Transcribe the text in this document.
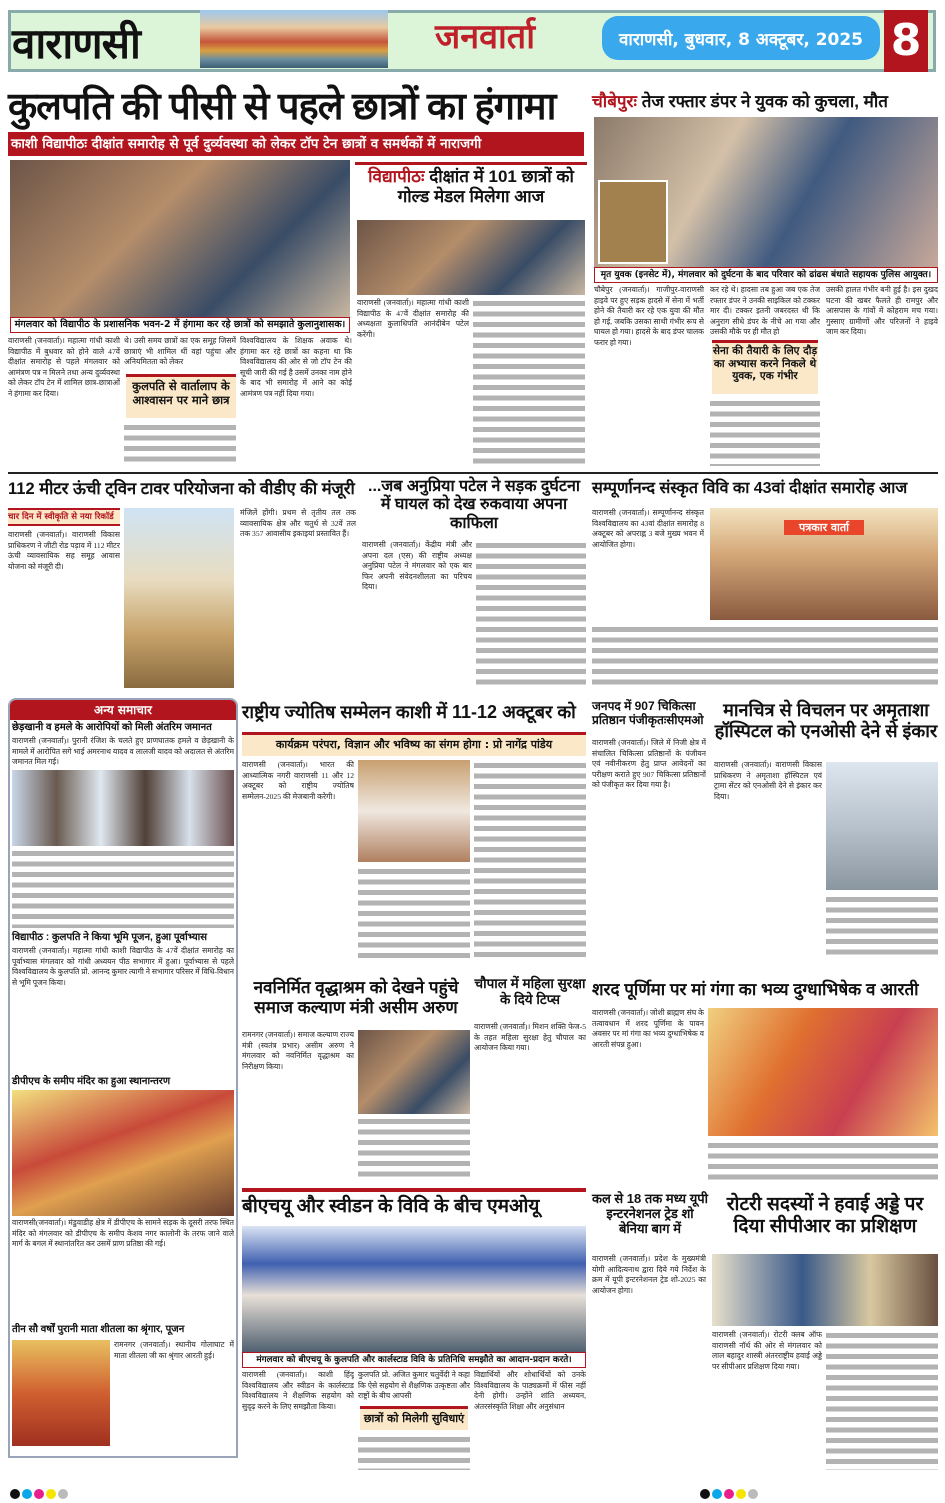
वाराणसी	जनवार्ता	वाराणसी, बुधवार, 8 अक्टूबर, 2025 8
कुलपति की पीसी से पहले छात्रों का हंगामा
काशी विद्यापीठः दीक्षांत समारोह से पूर्व दुर्व्यवस्था को लेकर टॉप टेन छात्रों व समर्थकों में नाराजगी
मंगलवार को विद्यापीठ के प्रशासनिक भवन-2 में हंगामा कर रहे छात्रों को समझाते कुलानुशासक।
वाराणसी (जनवार्ता)। महात्मा गांधी काशी विद्यापीठ में बुधवार को होने वाले 47वें दीक्षांत समारोह से पहले मंगलवार को आमंत्रण पत्र न मिलने तथा अन्य दुर्व्यवस्था को लेकर टॉप टेन में शामिल छात्र-छात्राओं ने हंगामा कर दिया।
थे। उसी समय छात्रों का एक समूह जिसमें छात्राएं भी शामिल थीं वहां पहुंचा और अनियमितता को लेकर
कुलपति से वार्तालाप के आश्वासन पर माने छात्र
विश्वविद्यालय के शिक्षक अवाक थे। हंगामा कर रहे छात्रों का कहना था कि विश्वविद्यालय की ओर से जो टॉप टेन की सूची जारी की गई है उसमें उनका नाम होने के बाद भी समारोह में आने का कोई आमंत्रण पत्र नहीं दिया गया।
विद्यापीठः दीक्षांत में 101 छात्रों को गोल्ड मेडल मिलेगा आज
वाराणसी (जनवार्ता)। महात्मा गांधी काशी विद्यापीठ के 47वें दीक्षांत समारोह की अध्यक्षता कुलाधिपति आनंदीबेन पटेल करेंगी।
चौबेपुरः तेज रफ्तार डंपर ने युवक को कुचला, मौत
मृत युवक (इनसेट में), मंगलवार को दुर्घटना के बाद परिवार को ढांढस बंधाते सहायक पुलिस आयुक्त।
चौबेपुर (जनवार्ता)। गाजीपुर-वाराणसी हाइवे पर हुए सड़क हादसे में सेना में भर्ती होने की तैयारी कर रहे एक युवा की मौत हो गई, जबकि उसका साथी गंभीर रूप से घायल हो गया। हादसे के बाद डंपर चालक फरार हो गया।
कर रहे थे। हादसा तब हुआ जब एक तेज रफ्तार डंपर ने उनकी साइकिल को टक्कर मार दी। टक्कर इतनी जबरदस्त थी कि अनुराग सीधे डंपर के नीचे आ गया और उसकी मौके पर ही मौत हो
सेना की तैयारी के लिए दौड़ का अभ्यास करने निकले थे युवक, एक गंभीर
उसकी हालत गंभीर बनी हुई है। इस दुखद घटना की खबर फैलते ही रामपुर और आसपास के गांवों में कोहराम मच गया। गुस्साए ग्रामीणों और परिजनों ने हाइवे जाम कर दिया।
112 मीटर ऊंची ट्विन टावर परियोजना को वीडीए की मंजूरी
चार दिन में स्वीकृति से नया रिकॉर्ड
वाराणसी (जनवार्ता)। वाराणसी विकास प्राधिकरण ने जीटी रोड पड़ाव में 112 मीटर ऊंची व्यावसायिक सह समूह आवास योजना को मंजूरी दी।
मंजिलें होंगी। प्रथम से तृतीय तल तक व्यावसायिक क्षेत्र और चतुर्थ से 32वें तल तक 357 आवासीय इकाइयां प्रस्तावित हैं।
...जब अनुप्रिया पटेल ने सड़क दुर्घटना में घायल को देख रुकवाया अपना काफिला
वाराणसी (जनवार्ता)। केंद्रीय मंत्री और अपना दल (एस) की राष्ट्रीय अध्यक्ष अनुप्रिया पटेल ने मंगलवार को एक बार फिर अपनी संवेदनशीलता का परिचय दिया।
सम्पूर्णानन्द संस्कृत विवि का 43वां दीक्षांत समारोह आज
वाराणसी (जनवार्ता)। सम्पूर्णानन्द संस्कृत विश्वविद्यालय का 43वां दीक्षांत समारोह 8 अक्टूबर को अपराह्न 3 बजे मुख्य भवन में आयोजित होगा।
पत्रकार वार्ता
अन्य समाचार
छेड़खानी व हमले के आरोपियों को मिली अंतरिम जमानत
वाराणसी (जनवार्ता)। पुरानी रंजिश के चलते हुए प्राणघातक हमले व छेड़खानी के मामले में आरोपित सगे भाई अमरनाथ यादव व लालजी यादव को अदालत से अंतरिम जमानत मिल गई।
विद्यापीठ : कुलपति ने किया भूमि पूजन, हुआ पूर्वाभ्यास
वाराणसी (जनवार्ता)। महात्मा गांधी काशी विद्यापीठ के 47वें दीक्षांत समारोह का पूर्वाभ्यास मंगलवार को गांधी अध्ययन पीठ सभागार में हुआ। पूर्वाभ्यास से पहले विश्वविद्यालय के कुलपति प्रो. आनन्द कुमार त्यागी ने सभागार परिसर में विधि-विधान से भूमि पूजन किया।
डीपीएच के समीप मंदिर का हुआ स्थानान्तरण
वाराणसी(जनवार्ता)। मंडुवाडीह क्षेत्र में डीपीएच के सामने सड़क के दूसरी तरफ स्थित मंदिर को मंगलवार को डीपीएच के समीप केशव नगर कालोनी के तरफ जाने वाले मार्ग के बगल में स्थानांतरित कर उसमें प्राण प्रतिष्ठा की गई।
तीन सौ वर्षों पुरानी माता शीतला का श्रृंगार, पूजन
रामनगर (जनवार्ता)। स्थानीय गोलाघाट में माता शीतला जी का श्रृंगार आरती हुई।
राष्ट्रीय ज्योतिष सम्मेलन काशी में 11-12 अक्टूबर को
कार्यक्रम परंपरा, विज्ञान और भविष्य का संगम होगा : प्रो नागेंद्र पांडेय
वाराणसी (जनवार्ता)। भारत की आध्यात्मिक नगरी वाराणसी 11 और 12 अक्टूबर को राष्ट्रीय ज्योतिष सम्मेलन-2025 की मेजबानी करेगी।
जनपद में 907 चिकित्सा प्रतिष्ठान पंजीकृतःसीएमओ
वाराणसी (जनवार्ता)। जिले में निजी क्षेत्र में संचालित चिकित्सा प्रतिष्ठानों के पंजीयन एवं नवीनीकरण हेतु प्राप्त आवेदनों का परीक्षण कराते हुए 907 चिकित्सा प्रतिष्ठानों को पंजीकृत कर दिया गया है।
मानचित्र से विचलन पर अमृताशा हॉस्पिटल को एनओसी देने से इंकार
वाराणसी (जनवार्ता)। वाराणसी विकास प्राधिकरण ने अमृताशा हॉस्पिटल एवं ट्रामा सेंटर को एनओसी देने से इंकार कर दिया।
नवनिर्मित वृद्धाश्रम को देखने पहुंचे समाज कल्याण मंत्री असीम अरुण
रामनगर (जनवार्ता)। समाज कल्याण राज्य मंत्री (स्वतंत्र प्रभार) असीम अरुण ने मंगलवार को नवनिर्मित वृद्धाश्रम का निरीक्षण किया।
चौपाल में महिला सुरक्षा के दिये टिप्स
वाराणसी (जनवार्ता)। मिशन शक्ति फेज-5 के तहत महिला सुरक्षा हेतु चौपाल का आयोजन किया गया।
शरद पूर्णिमा पर मां गंगा का भव्य दुग्धाभिषेक व आरती
वाराणसी (जनवार्ता)। जोशी ब्राह्मण संघ के तत्वावधान में शरद पूर्णिमा के पावन अवसर पर मां गंगा का भव्य दुग्धाभिषेक व आरती संपन्न हुआ।
बीएचयू और स्वीडन के विवि के बीच एमओयू
मंगलवार को बीएचयू के कुलपति और कार्लस्टाड विवि के प्रतिनिधि समझौते का आदान-प्रदान करते।
वाराणसी (जनवार्ता)। काशी हिंदू विश्वविद्यालय और स्वीडन के कार्लस्टाड विश्वविद्यालय ने शैक्षणिक सहयोग को सुदृढ़ करने के लिए समझौता किया।
कुलपति प्रो. अजित कुमार चतुर्वेदी ने कहा कि ऐसे सहयोग से शैक्षणिक उत्कृष्टता और राष्ट्रों के बीच आपसी
छात्रों को मिलेगी सुविधाएं
विद्यार्थियों और शोधार्थियों को उनके विश्वविद्यालय के पाठ्यक्रमों में फीस नहीं देनी होगी। उन्होंने शांति अध्ययन, अंतरसंस्कृति शिक्षा और अनुसंधान
कल से 18 तक मध्य यूपी इन्टरनेशनल ट्रेड शो बेनिया बाग में
वाराणसी (जनवार्ता)। प्रदेश के मुख्यमंत्री योगी आदित्यनाथ द्वारा दिये गये निर्देश के क्रम में यूपी इन्टरनेशनल ट्रेड शो-2025 का आयोजन होगा।
रोटरी सदस्यों ने हवाई अड्डे पर दिया सीपीआर का प्रशिक्षण
वाराणसी (जनवार्ता)। रोटरी क्लब ऑफ वाराणसी नॉर्थ की ओर से मंगलवार को लाल बहादुर शास्त्री अंतरराष्ट्रीय हवाई अड्डे पर सीपीआर प्रशिक्षण दिया गया।
